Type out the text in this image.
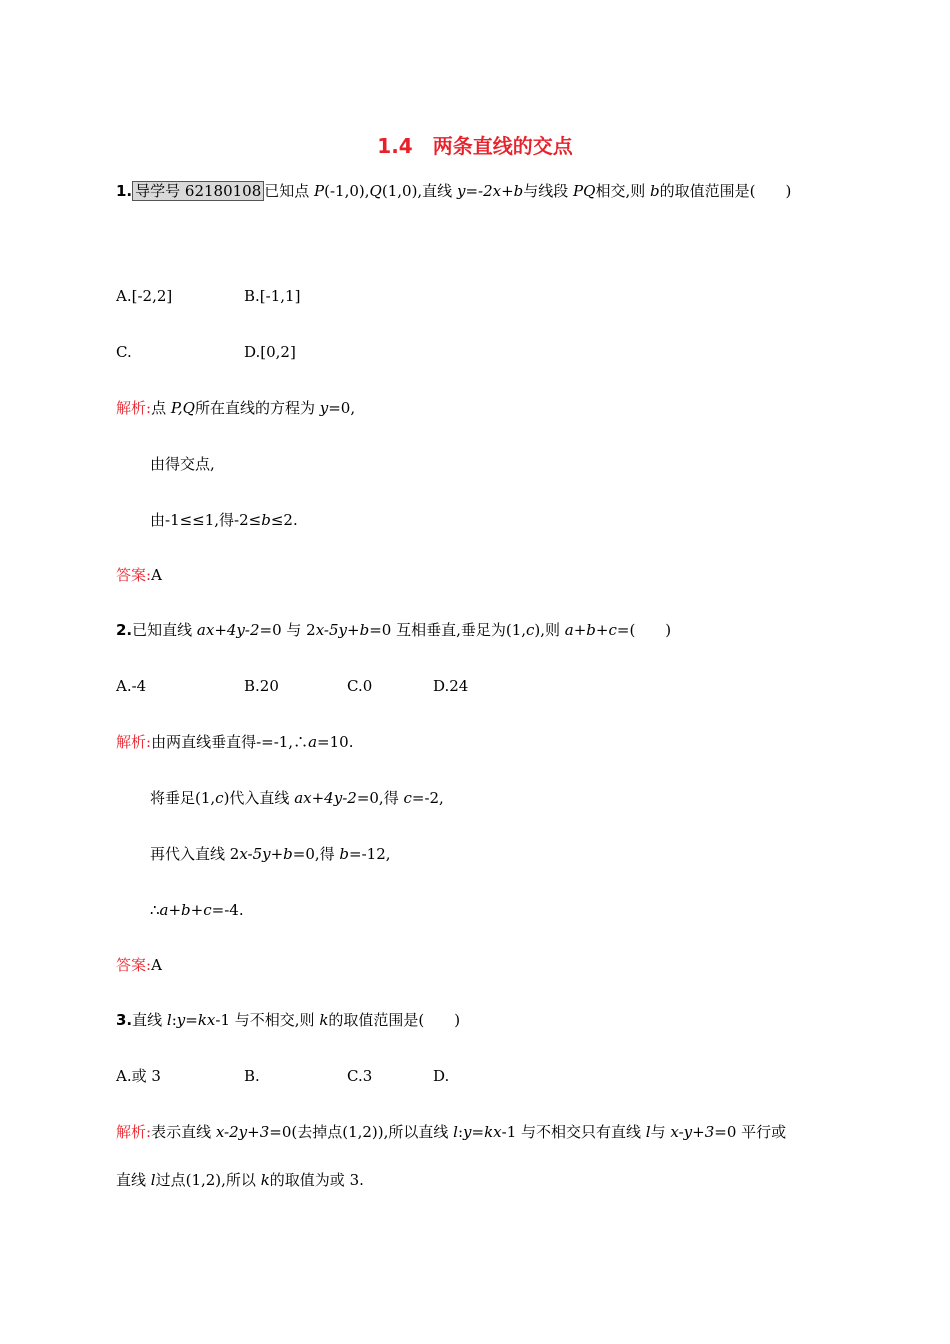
1.4　两条直线的交点
1. 导学号 62180108 已知点 P(-1,0),Q(1,0),直线 y=-2x+b与线段 PQ相交,则 b的取值范围是(　　)
A.[-2,2]	B.[-1,1]
C.	D.[0,2]
解析:点 P,Q所在直线的方程为 y=0,
由得交点,
由-1≤≤1,得-2≤b≤2.
答案:A
2.已知直线 ax+4y-2=0 与 2x-5y+b=0 互相垂直,垂足为(1,c),则 a+b+c=(　　)
A.-4	B.20	C.0	D.24
解析:由两直线垂直得-=-1,∴a=10.
将垂足(1,c)代入直线 ax+4y-2=0,得 c=-2,
再代入直线 2x-5y+b=0,得 b=-12,
∴a+b+c=-4.
答案:A
3.直线 l:y=kx-1 与不相交,则 k的取值范围是(　　)
A.或 3	B.	C.3	D.
解析:表示直线 x-2y+3=0(去掉点(1,2)),所以直线 l:y=kx-1 与不相交只有直线 l与 x-y+3=0 平行或
直线 l过点(1,2),所以 k的取值为或 3.
